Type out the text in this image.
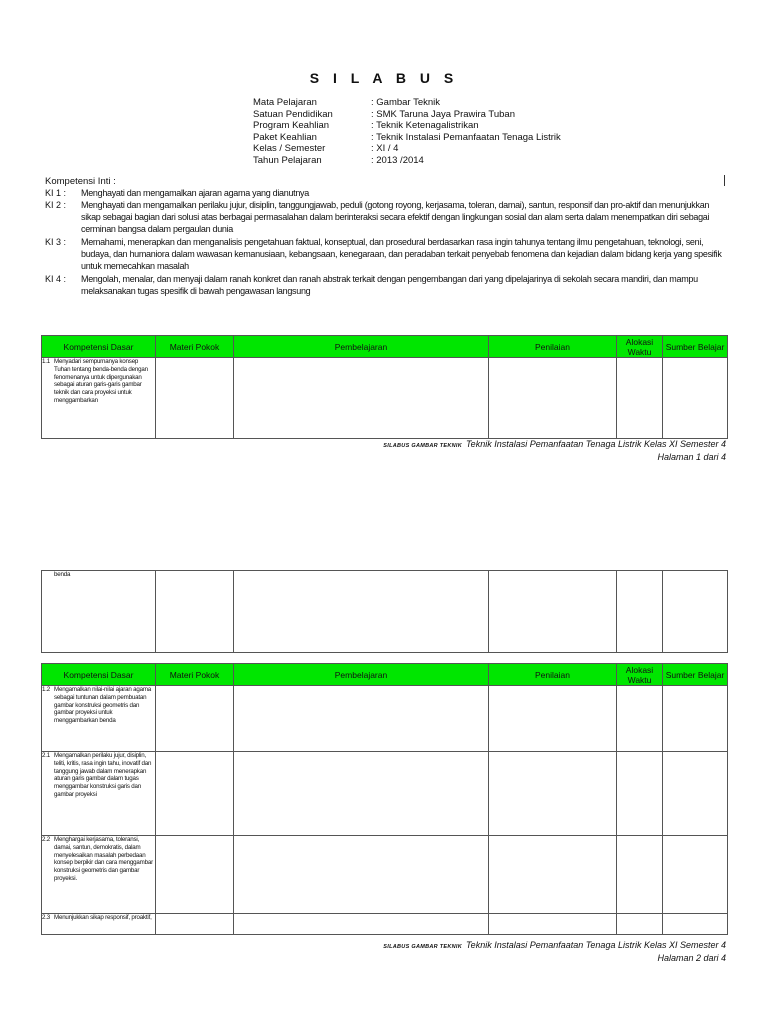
S I L A B U S
Mata Pelajaran	: Gambar Teknik
Satuan Pendidikan	: SMK Taruna Jaya Prawira Tuban
Program Keahlian	: Teknik Ketenagalistrikan
Paket Keahlian	: Teknik Instalasi Pemanfaatan Tenaga Listrik
Kelas / Semester	: XI / 4
Tahun Pelajaran	: 2013 /2014
Kompetensi Inti :
KI 1 :	Menghayati dan mengamalkan ajaran agama yang dianutnya
KI 2 :	Menghayati dan mengamalkan perilaku jujur, disiplin, tanggungjawab, peduli (gotong royong, kerjasama, toleran, damai), santun, responsif dan pro-aktif dan menunjukkan sikap sebagai bagian dari solusi atas berbagai permasalahan dalam berinteraksi secara efektif dengan lingkungan sosial dan alam serta dalam menempatkan diri sebagai cerminan bangsa dalam pergaulan dunia
KI 3 :	Memahami, menerapkan dan menganalisis pengetahuan faktual, konseptual, dan prosedural berdasarkan rasa ingin tahunya tentang ilmu pengetahuan, teknologi, seni, budaya, dan humaniora dalam wawasan kemanusiaan, kebangsaan, kenegaraan, dan peradaban terkait penyebab fenomena dan kejadian dalam bidang kerja yang spesifik untuk memecahkan masalah
KI 4 :	Mengolah, menalar, dan menyaji dalam ranah konkret dan ranah abstrak terkait dengan pengembangan dari yang dipelajarinya di sekolah secara mandiri, dan mampu melaksanakan tugas spesifik di bawah pengawasan langsung
Kompetensi Dasar	Materi Pokok	Pembelajaran	Penilaian	Alokasi Waktu	Sumber Belajar

1.1 Menyadari sempurnanya konsep Tuhan tentang benda-benda dengan fenomenanya untuk dipergunakan sebagai aturan garis-garis gambar teknik dan cara proyeksi untuk menggambarkan					

SILABUS GAMBAR TEKNIK Teknik Instalasi Pemanfaatan Tenaga Listrik Kelas XI Semester 4
Halaman 1 dari 4
benda

Kompetensi Dasar	Materi Pokok	Pembelajaran	Penilaian	Alokasi Waktu	Sumber Belajar

1.2 Mengamalkan nilai-nilai ajaran agama sebagai tuntunan dalam pembuatan gambar konstruksi geometris dan gambar proyeksi untuk menggambarkan benda					

2.1 Mengamalkan perilaku jujur, disiplin, teliti, kritis, rasa ingin tahu, inovatif dan tanggung jawab dalam menerapkan aturan garis gambar dalam tugas menggambar konstruksi garis dan gambar proyeksi					

2.2 Menghargai kerjasama, toleransi, damai, santun, demokratis, dalam menyelesaikan masalah perbedaan konsep berpikir dan cara menggambar konstruksi geometris dan gambar proyeksi.					

2.3 Menunjukkan sikap responsif, proaktif,					

SILABUS GAMBAR TEKNIK Teknik Instalasi Pemanfaatan Tenaga Listrik Kelas XI Semester 4
Halaman 2 dari 4
